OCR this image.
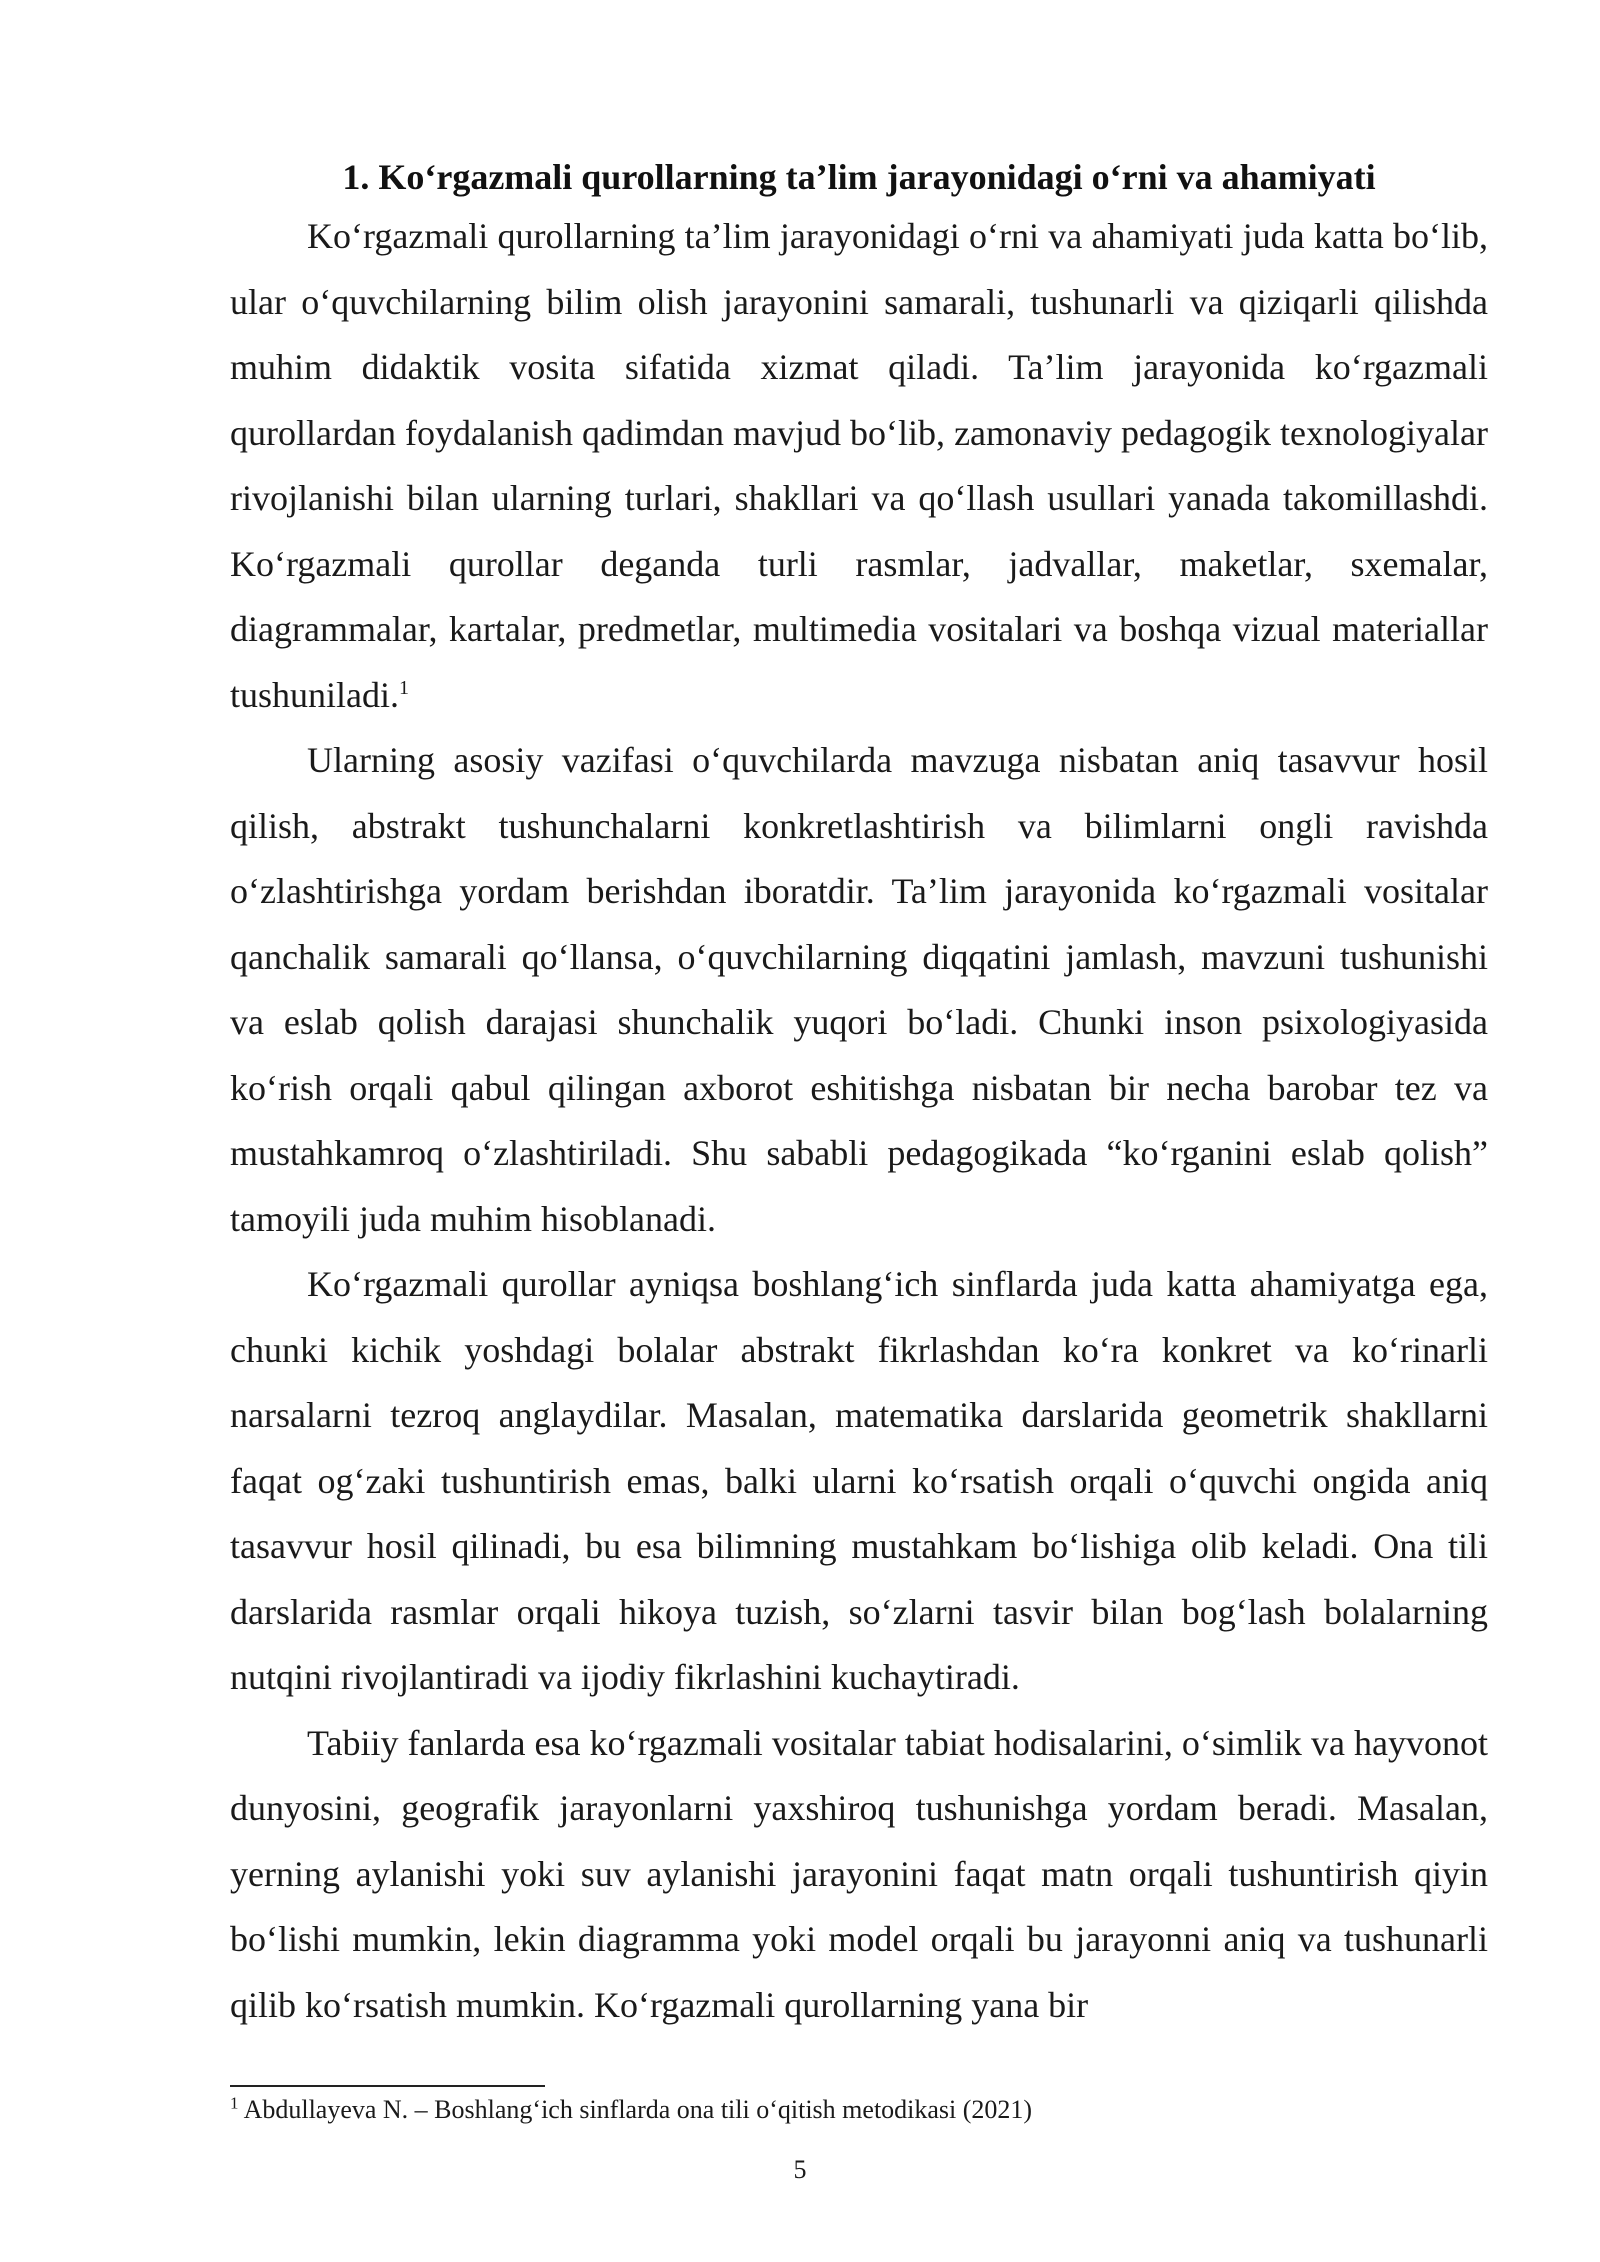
1. Ko‘rgazmali qurollarning ta’lim jarayonidagi o‘rni va ahamiyati

Ko‘rgazmali qurollarning ta’lim jarayonidagi o‘rni va ahamiyati juda katta bo‘lib, ular o‘quvchilarning bilim olish jarayonini samarali, tushunarli va qiziqarli qilishda muhim didaktik vosita sifatida xizmat qiladi. Ta’lim jarayonida ko‘rgazmali qurollardan foydalanish qadimdan mavjud bo‘lib, zamonaviy pedagogik texnologiyalar rivojlanishi bilan ularning turlari, shakllari va qo‘llash usullari yanada takomillashdi. Ko‘rgazmali qurollar deganda turli rasmlar, jadvallar, maketlar, sxemalar, diagrammalar, kartalar, predmetlar, multimedia vositalari va boshqa vizual materiallar tushuniladi.$^1$

Ularning asosiy vazifasi o‘quvchilarda mavzuga nisbatan aniq tasavvur hosil qilish, abstrakt tushunchalarni konkretlashtirish va bilimlarni ongli ravishda o‘zlashtirishga yordam berishdan iboratdir. Ta’lim jarayonida ko‘rgazmali vositalar qanchalik samarali qo‘llansa, o‘quvchilarning diqqatini jamlash, mavzuni tushunishi va eslab qolish darajasi shunchalik yuqori bo‘ladi. Chunki inson psixologiyasida ko‘rish orqali qabul qilingan axborot eshitishga nisbatan bir necha barobar tez va mustahkamroq o‘zlashtiriladi. Shu sababli pedagogikada “ko‘rganini eslab qolish” tamoyili juda muhim hisoblanadi.

Ko‘rgazmali qurollar ayniqsa boshlang‘ich sinflarda juda katta ahamiyatga ega, chunki kichik yoshdagi bolalar abstrakt fikrlashdan ko‘ra konkret va ko‘rinarli narsalarni tezroq anglaydilar. Masalan, matematika darslarida geometrik shakllarni faqat og‘zaki tushuntirish emas, balki ularni ko‘rsatish orqali o‘quvchi ongida aniq tasavvur hosil qilinadi, bu esa bilimning mustahkam bo‘lishiga olib keladi. Ona tili darslarida rasmlar orqali hikoya tuzish, so‘zlarni tasvir bilan bog‘lash bolalarning nutqini rivojlantiradi va ijodiy fikrlashini kuchaytiradi.

Tabiiy fanlarda esa ko‘rgazmali vositalar tabiat hodisalarini, o‘simlik va hayvonot dunyosini, geografik jarayonlarni yaxshiroq tushunishga yordam beradi. Masalan, yerning aylanishi yoki suv aylanishi jarayonini faqat matn orqali tushuntirish qiyin bo‘lishi mumkin, lekin diagramma yoki model orqali bu jarayonni aniq va tushunarli qilib ko‘rsatish mumkin. Ko‘rgazmali qurollarning yana bir

$^1$ Abdullayeva N. – Boshlang‘ich sinflarda ona tili o‘qitish metodikasi (2021)
5
